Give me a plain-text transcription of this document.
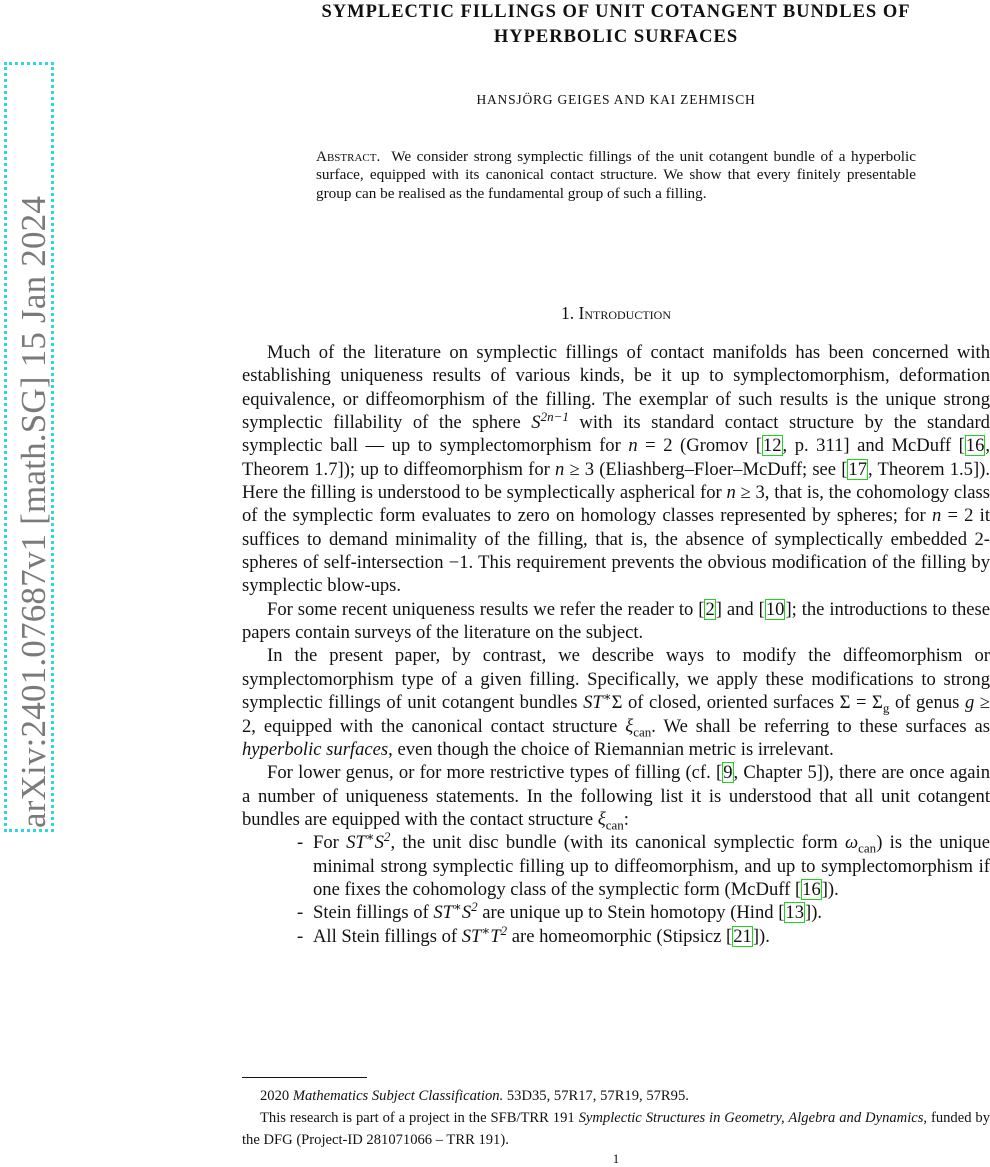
arXiv:2401.07687v1 [math.SG] 15 Jan 2024
SYMPLECTIC FILLINGS OF UNIT COTANGENT BUNDLES OF
HYPERBOLIC SURFACES
HANSJÖRG GEIGES AND KAI ZEHMISCH
Abstract. We consider strong symplectic fillings of the unit cotangent bundle of a hyperbolic surface, equipped with its canonical contact structure. We show that every finitely presentable group can be realised as the fundamental group of such a filling.
1. Introduction

Much of the literature on symplectic fillings of contact manifolds has been concerned with establishing uniqueness results of various kinds, be it up to symplectomorphism, deformation equivalence, or diffeomorphism of the filling. The exemplar of such results is the unique strong symplectic fillability of the sphere $S^{2n-1}$ with its standard contact structure by the standard symplectic ball — up to symplectomorphism for n = 2 (Gromov [12, p. 311] and McDuff [16, Theorem 1.7]); up to diffeomorphism for n ≥ 3 (Eliashberg–Floer–McDuff; see [17, Theorem 1.5]). Here the filling is understood to be symplectically aspherical for n ≥ 3, that is, the cohomology class of the symplectic form evaluates to zero on homology classes represented by spheres; for n = 2 it suffices to demand minimality of the filling, that is, the absence of symplectically embedded 2-spheres of self-intersection −1. This requirement prevents the obvious modification of the filling by symplectic blow-ups.

For some recent uniqueness results we refer the reader to [2] and [10]; the introductions to these papers contain surveys of the literature on the subject.

In the present paper, by contrast, we describe ways to modify the diffeomorphism or symplectomorphism type of a given filling. Specifically, we apply these modifications to strong symplectic fillings of unit cotangent bundles ST∗Σ of closed, oriented surfaces $\Sigma = \Sigma_g$ of genus g ≥ 2, equipped with the canonical contact structure $\xi_{can}$. We shall be referring to these surfaces as hyperbolic surfaces, even though the choice of Riemannian metric is irrelevant.

For lower genus, or for more restrictive types of filling (cf. [9, Chapter 5]), there are once again a number of uniqueness statements. In the following list it is understood that all unit cotangent bundles are equipped with the contact structure $\xi_{can}$:

- For $ST^∗S^2$, the unit disc bundle (with its canonical symplectic form $\omega_{can}$) is the unique minimal strong symplectic filling up to diffeomorphism, and up to symplectomorphism if one fixes the cohomology class of the symplectic form (McDuff [16]).
- Stein fillings of $ST^∗S^2$ are unique up to Stein homotopy (Hind [13]).
- All Stein fillings of $ST^∗T^2$ are homeomorphic (Stipsicz [21]).

2020 Mathematics Subject Classification. 53D35, 57R17, 57R19, 57R95.

This research is part of a project in the SFB/TRR 191 Symplectic Structures in Geometry, Algebra and Dynamics, funded by the DFG (Project-ID 281071066 – TRR 191).

1
